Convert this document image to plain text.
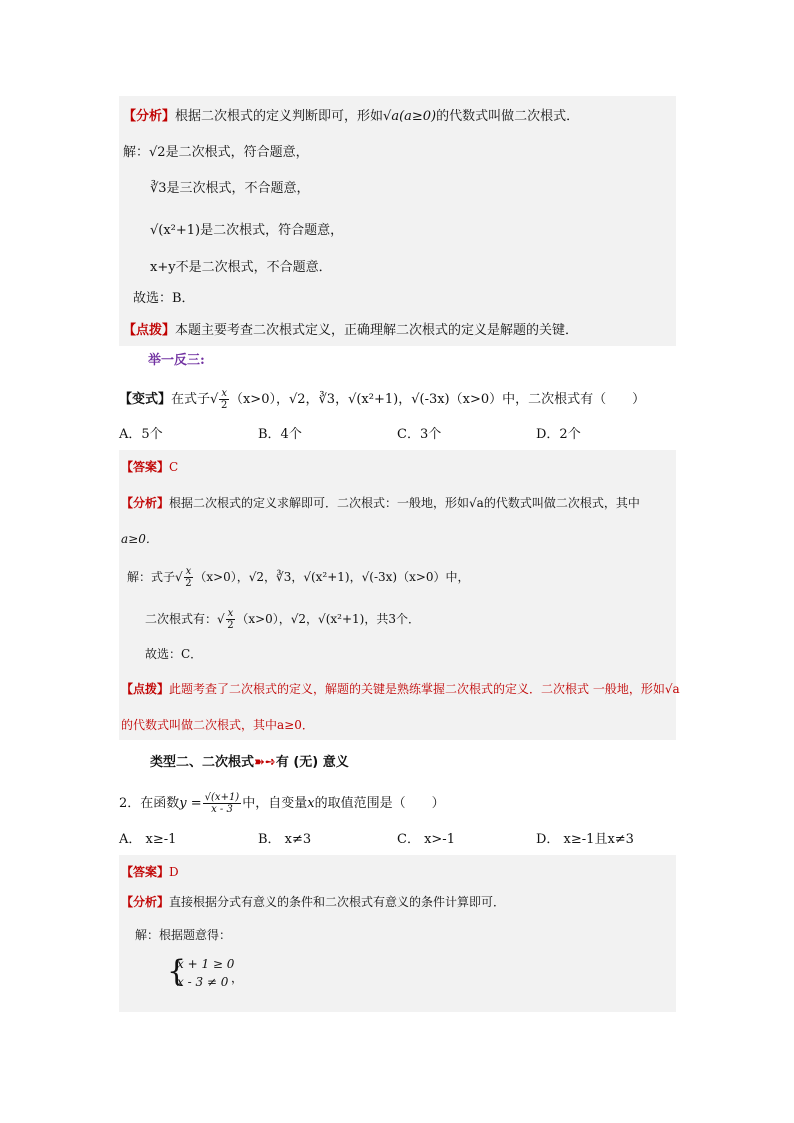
【分析】根据二次根式的定义判断即可，形如√a(a≥0)的代数式叫做二次根式．
解：√2是二次根式，符合题意，
∛3是三次根式，不合题意，
√(x²+1)是二次根式，符合题意，
x+y不是二次根式，不合题意．
故选：B．
【点拨】本题主要考查二次根式定义，正确理解二次根式的定义是解题的关键．
举一反三:
【变式】在式子√ $\frac{x}{2} (x>0)$，√2，∛3，√(x²+1)，√(-3x)（x>0）中，二次根式有（　　）
A．5个	B．4个	C．3个	D．2个
【答案】C
【分析】根据二次根式的定义求解即可．二次根式：一般地，形如√a的代数式叫做二次根式，其中
a≥0．
解：式子√ $\frac{x}{2} (x>0)$，√2，∛3，√(x²+1)，√(-3x)（x>0）中，
二次根式有：√ $\frac{x}{2} (x>0)$，√2，√(x²+1)，共3个．
故选：C．
【点拨】此题考查了二次根式的定义，解题的关键是熟练掌握二次根式的定义．二次根式 一般地，形如√a
的代数式叫做二次根式，其中a≥0．
类型二、二次根式➽➺有 (无) 意义
2．在函数$y = \frac{√(x+1)}{x - 3}$ 中，自变量x的取值范围是（　　）
A． x≥-1	B． x≠3	C． x>-1	D． x≥-1且x≠3
【答案】D
【分析】直接根据分式有意义的条件和二次根式有意义的条件计算即可．
解：根据题意得：
{
x + 1 ≥ 0
x - 3 ≠ 0 ，
